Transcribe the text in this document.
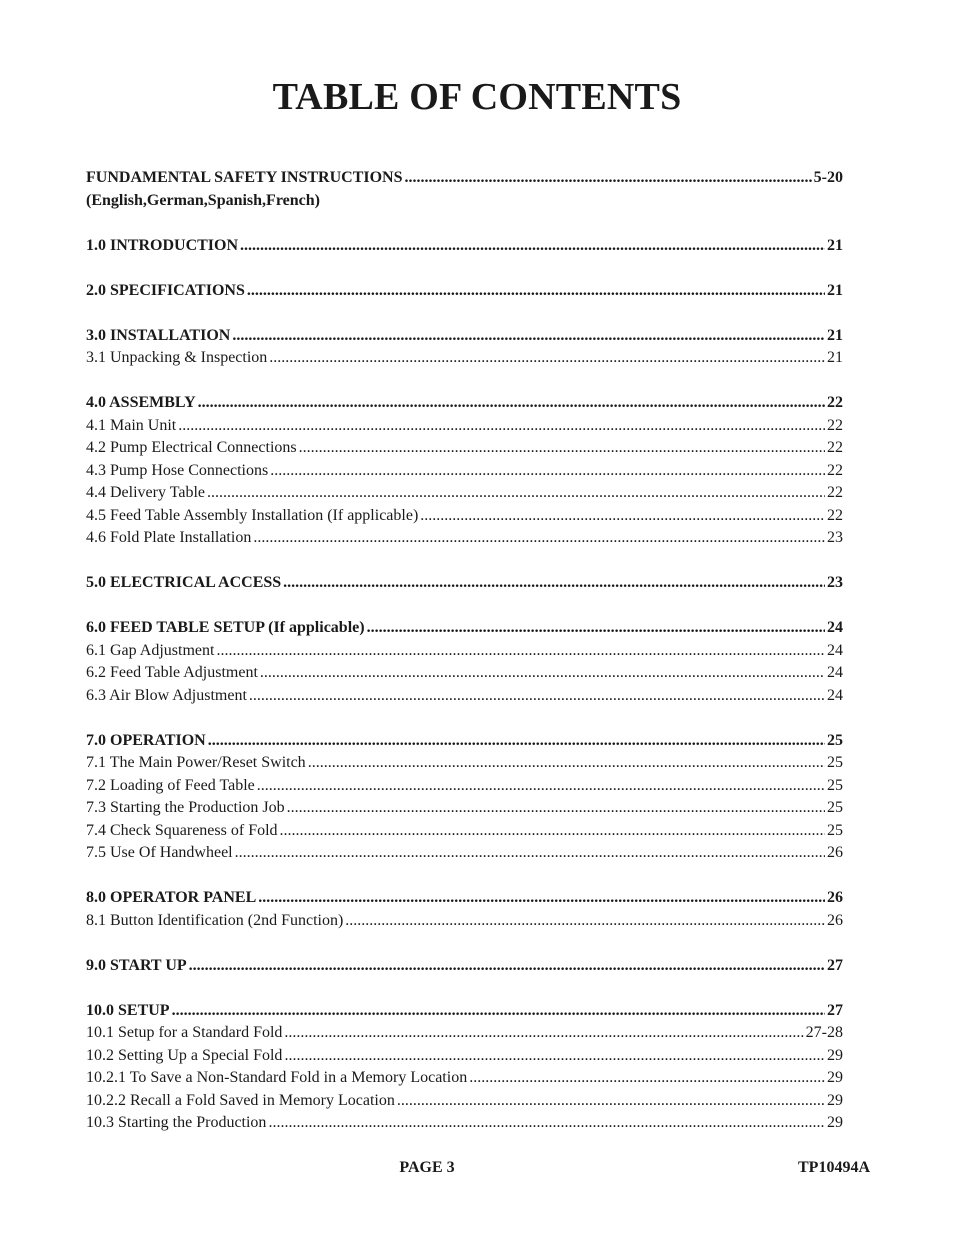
TABLE OF CONTENTS
FUNDAMENTAL SAFETY INSTRUCTIONS .....	5-20
(English,German,Spanish,French)
1.0 INTRODUCTION .....	21
2.0 SPECIFICATIONS .....	21
3.0 INSTALLATION .....	21
3.1 Unpacking & Inspection .....	21
4.0 ASSEMBLY .....	22
4.1 Main Unit .....	22
4.2 Pump Electrical Connections .....	22
4.3 Pump Hose Connections .....	22
4.4 Delivery Table .....	22
4.5 Feed Table Assembly Installation (If applicable) .....	22
4.6 Fold Plate Installation .....	23
5.0 ELECTRICAL ACCESS .....	23
6.0 FEED TABLE SETUP (If applicable) .....	24
6.1 Gap Adjustment .....	24
6.2 Feed Table Adjustment .....	24
6.3 Air Blow Adjustment .....	24
7.0 OPERATION .....	25
7.1 The Main Power/Reset Switch .....	25
7.2 Loading of Feed Table .....	25
7.3 Starting the Production Job .....	25
7.4 Check Squareness of Fold .....	25
7.5 Use Of Handwheel .....	26
8.0 OPERATOR PANEL .....	26
8.1 Button Identification (2nd Function) .....	26
9.0 START UP .....	27
10.0 SETUP .....	27
10.1 Setup for a Standard Fold .....	27-28
10.2 Setting Up a Special Fold .....	29
10.2.1 To Save a Non-Standard Fold in a Memory Location .....	29
10.2.2 Recall a Fold Saved in Memory Location .....	29
10.3 Starting the Production .....	29
PAGE 3	TP10494A
